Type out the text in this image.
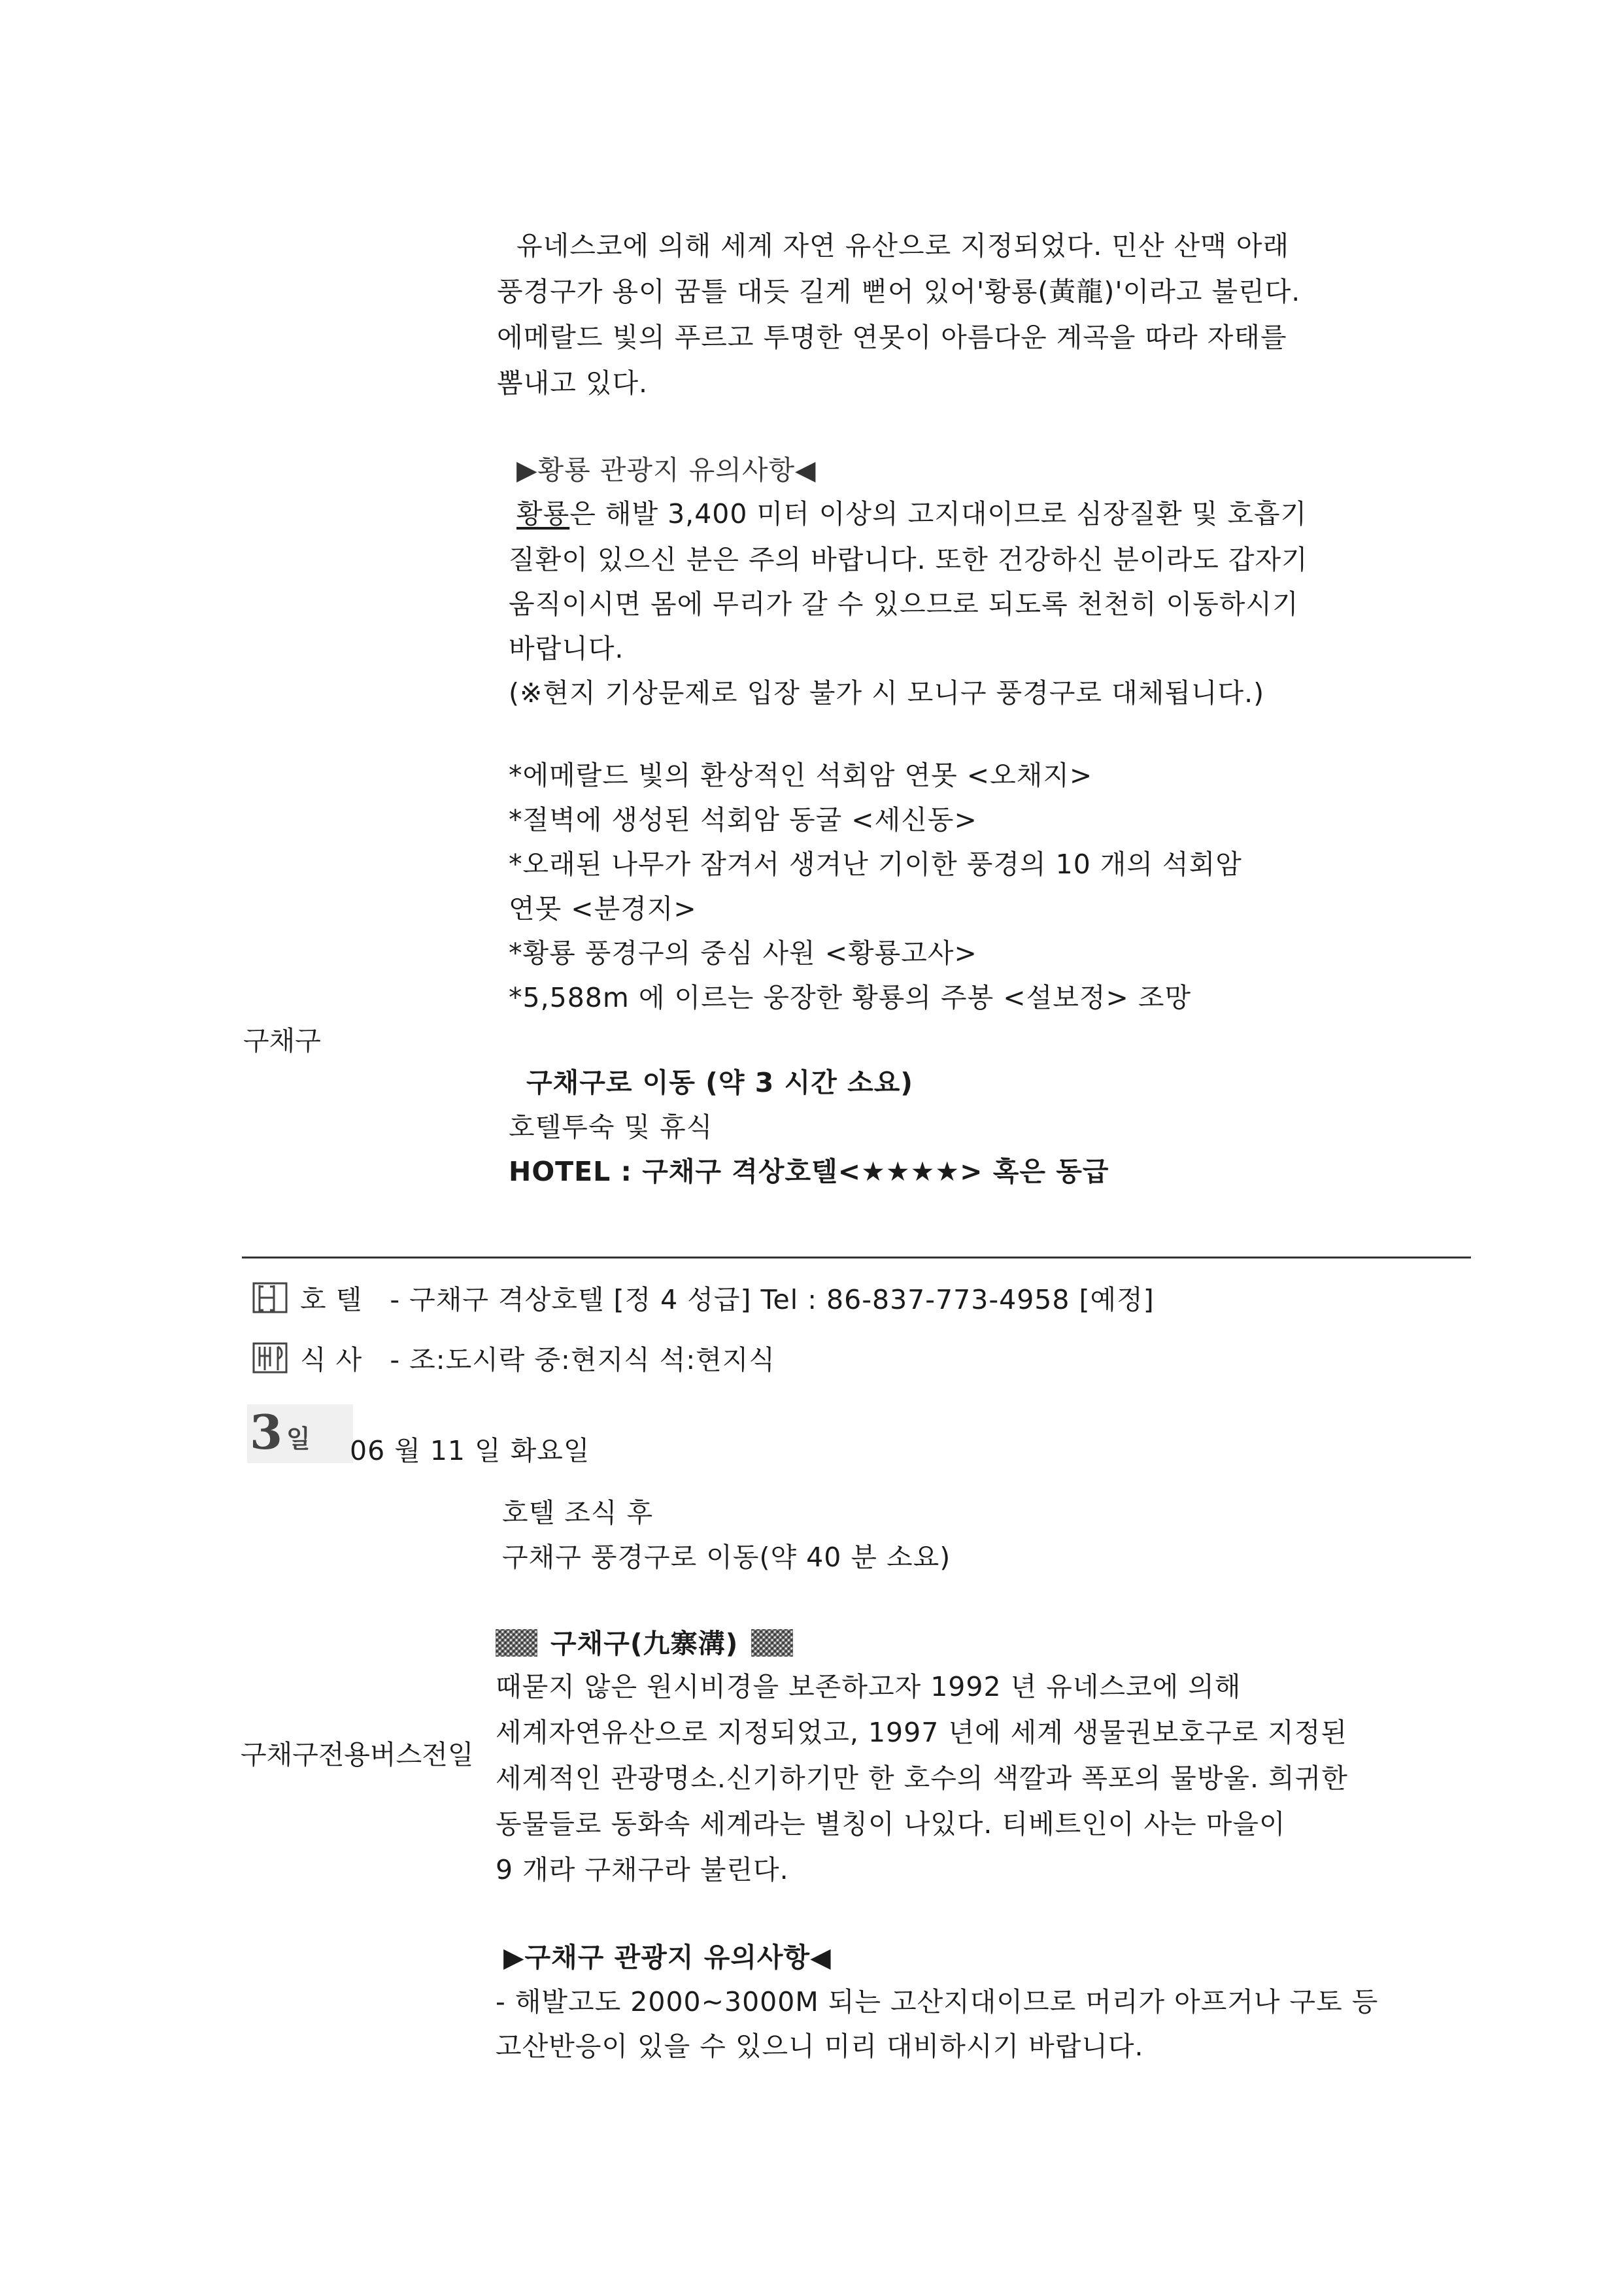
유네스코에 의해 세계 자연 유산으로 지정되었다. 민산 산맥 아래
풍경구가 용이 꿈틀 대듯 길게 뻗어 있어'황룡(黃龍)'이라고 불린다.
에메랄드 빛의 푸르고 투명한 연못이 아름다운 계곡을 따라 자태를
뽐내고 있다.
▶황룡 관광지 유의사항◀
황룡은 해발 3,400 미터 이상의 고지대이므로 심장질환 및 호흡기
질환이 있으신 분은 주의 바랍니다. 또한 건강하신 분이라도 갑자기
움직이시면 몸에 무리가 갈 수 있으므로 되도록 천천히 이동하시기
바랍니다.
(※현지 기상문제로 입장 불가 시 모니구 풍경구로 대체됩니다.)
*에메랄드 빛의 환상적인 석회암 연못 <오채지>
*절벽에 생성된 석회암 동굴 <세신동>
*오래된 나무가 잠겨서 생겨난 기이한 풍경의 10 개의 석회암
연못 <분경지>
*황룡 풍경구의 중심 사원 <황룡고사>
*5,588m 에 이르는 웅장한 황룡의 주봉 <설보정> 조망
구채구
구채구로 이동 (약 3 시간 소요)
호텔투숙 및 휴식
HOTEL : 구채구 격상호텔<★★★★> 혹은 동급
호 텔 - 구채구 격상호텔 [정 4 성급] Tel : 86-837-773-4958 [예정]
식 사 - 조:도시락 중:현지식 석:현지식
3 일 06 월 11 일 화요일
호텔 조식 후
구채구 풍경구로 이동(약 40 분 소요)
구채구(九寨溝)
때묻지 않은 원시비경을 보존하고자 1992 년 유네스코에 의해
세계자연유산으로 지정되었고, 1997 년에 세계 생물권보호구로 지정된
구채구전용버스전일
세계적인 관광명소.신기하기만 한 호수의 색깔과 폭포의 물방울. 희귀한
동물들로 동화속 세계라는 별칭이 나있다. 티베트인이 사는 마을이
9 개라 구채구라 불린다.
▶구채구 관광지 유의사항◀
- 해발고도 2000~3000M 되는 고산지대이므로 머리가 아프거나 구토 등
고산반응이 있을 수 있으니 미리 대비하시기 바랍니다.
